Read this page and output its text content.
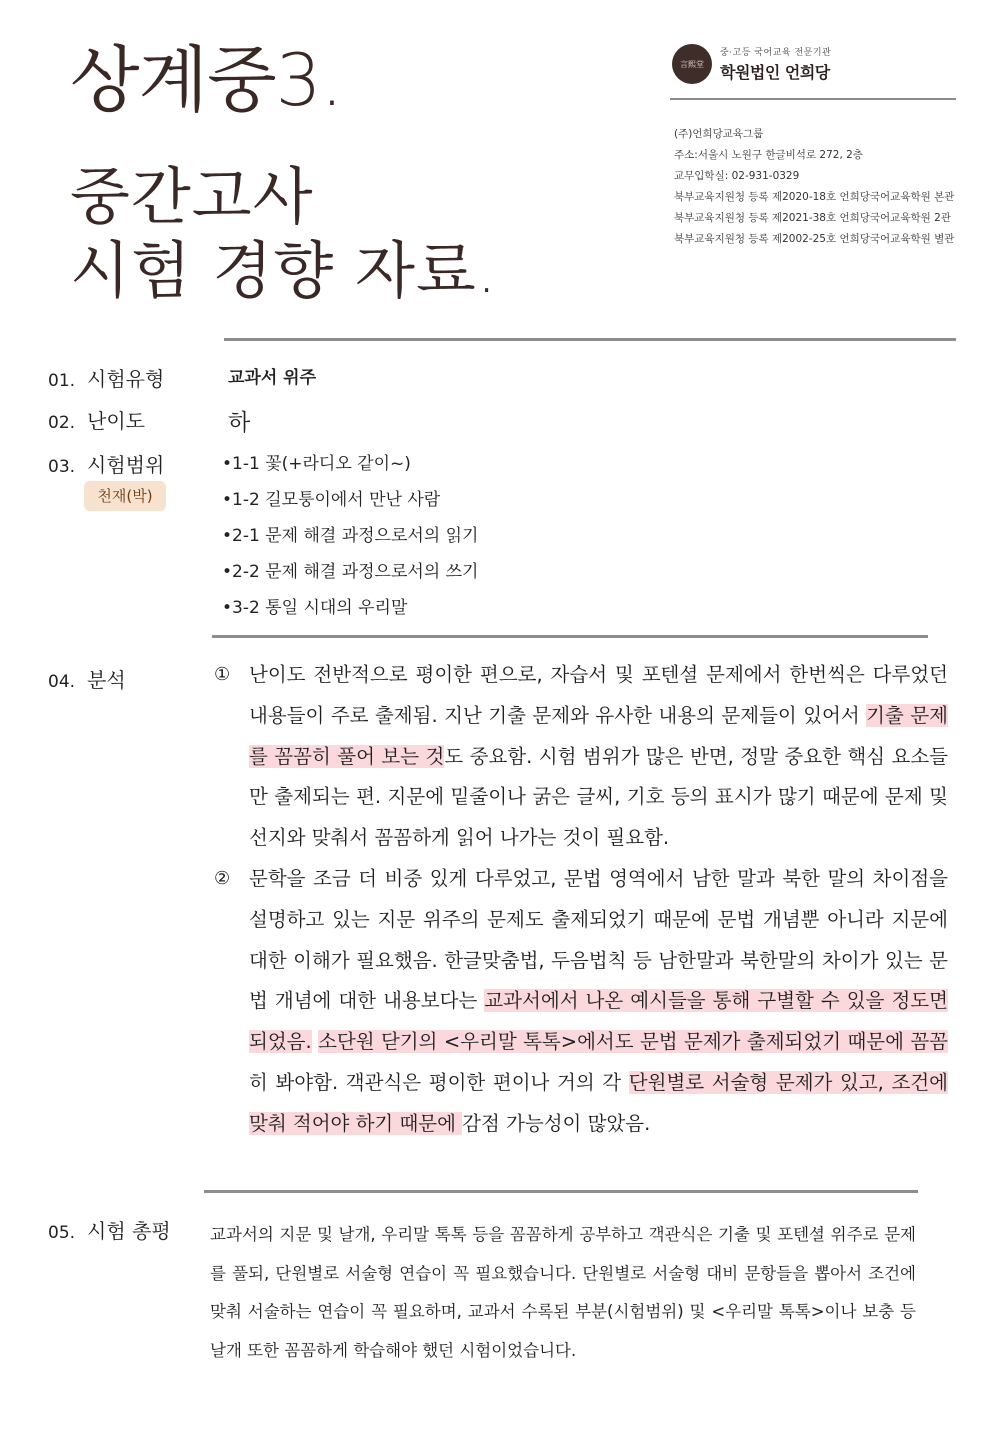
상계중3.
중간고사
시험 경향 자료.
言熙堂
중·고등 국어교육 전문기관
학원법인 언희당
(주)언희당교육그룹
주소:서울시 노원구 한글비석로 272, 2층
교무입학실: 02-931-0329
북부교육지원청 등록 제2020-18호 언희당국어교육학원 본관
북부교육지원청 등록 제2021-38호 언희당국어교육학원 2관
북부교육지원청 등록 제2002-25호 언희당국어교육학원 별관
01. 시험유형
02. 난이도
03. 시험범위
천재(박)
04. 분석
05. 시험 총평
교과서 위주
하
•1-1 꽃(+라디오 같이~)
•1-2 길모퉁이에서 만난 사람
•2-1 문제 해결 과정으로서의 읽기
•2-2 문제 해결 과정으로서의 쓰기
•3-2 통일 시대의 우리말
① 난이도 전반적으로 평이한 편으로, 자습서 및 포텐셜 문제에서 한번씩은 다루었던 내용들이 주로 출제됨. 지난 기출 문제와 유사한 내용의 문제들이 있어서 기출 문제를 꼼꼼히 풀어 보는 것도 중요함. 시험 범위가 많은 반면, 정말 중요한 핵심 요소들만 출제되는 편. 지문에 밑줄이나 굵은 글씨, 기호 등의 표시가 많기 때문에 문제 및 선지와 맞춰서 꼼꼼하게 읽어 나가는 것이 필요함.
② 문학을 조금 더 비중 있게 다루었고, 문법 영역에서 남한 말과 북한 말의 차이점을 설명하고 있는 지문 위주의 문제도 출제되었기 때문에 문법 개념뿐 아니라 지문에 대한 이해가 필요했음. 한글맞춤법, 두음법칙 등 남한말과 북한말의 차이가 있는 문법 개념에 대한 내용보다는 교과서에서 나온 예시들을 통해 구별할 수 있을 정도면 되었음. 소단원 닫기의 <우리말 톡톡>에서도 문법 문제가 출제되었기 때문에 꼼꼼히 봐야함. 객관식은 평이한 편이나 거의 각 단원별로 서술형 문제가 있고, 조건에 맞춰 적어야 하기 때문에 감점 가능성이 많았음.
교과서의 지문 및 날개, 우리말 톡톡 등을 꼼꼼하게 공부하고 객관식은 기출 및 포텐셜 위주로 문제를 풀되, 단원별로 서술형 연습이 꼭 필요했습니다. 단원별로 서술형 대비 문항들을 뽑아서 조건에 맞춰 서술하는 연습이 꼭 필요하며, 교과서 수록된 부분(시험범위) 및 <우리말 톡톡>이나 보충 등 날개 또한 꼼꼼하게 학습해야 했던 시험이었습니다.
